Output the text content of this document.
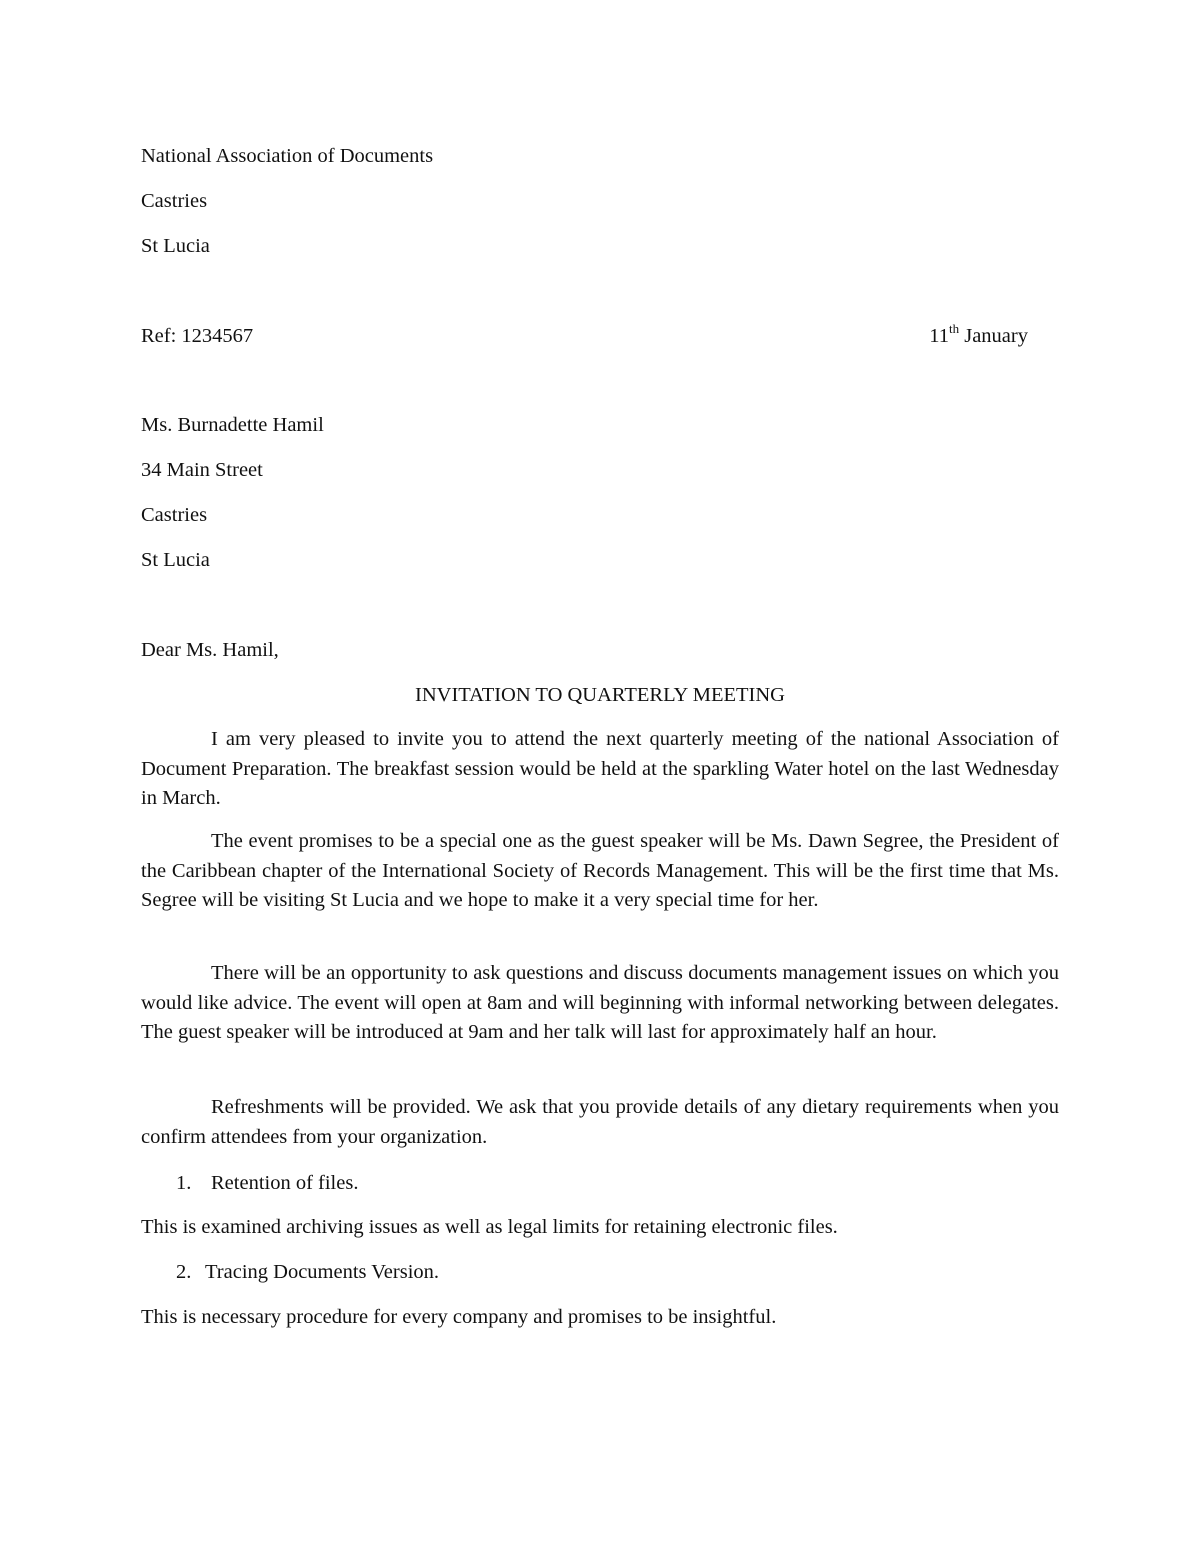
National Association of Documents
Castries
St Lucia
Ref: 1234567	11th January
Ms. Burnadette Hamil
34 Main Street
Castries
St Lucia
Dear Ms. Hamil,
INVITATION TO QUARTERLY MEETING

I am very pleased to invite you to attend the next quarterly meeting of the national Association of Document Preparation. The breakfast session would be held at the sparkling Water hotel on the last Wednesday in March.

The event promises to be a special one as the guest speaker will be Ms. Dawn Segree, the President of the Caribbean chapter of the International Society of Records Management. This will be the first time that Ms. Segree will be visiting St Lucia and we hope to make it a very special time for her.

There will be an opportunity to ask questions and discuss documents management issues on which you would like advice. The event will open at 8am and will beginning with informal networking between delegates. The guest speaker will be introduced at 9am and her talk will last for approximately half an hour.

Refreshments will be provided. We ask that you provide details of any dietary requirements when you confirm attendees from your organization.

1. Retention of files.
This is examined archiving issues as well as legal limits for retaining electronic files.
2. Tracing Documents Version.
This is necessary procedure for every company and promises to be insightful.
